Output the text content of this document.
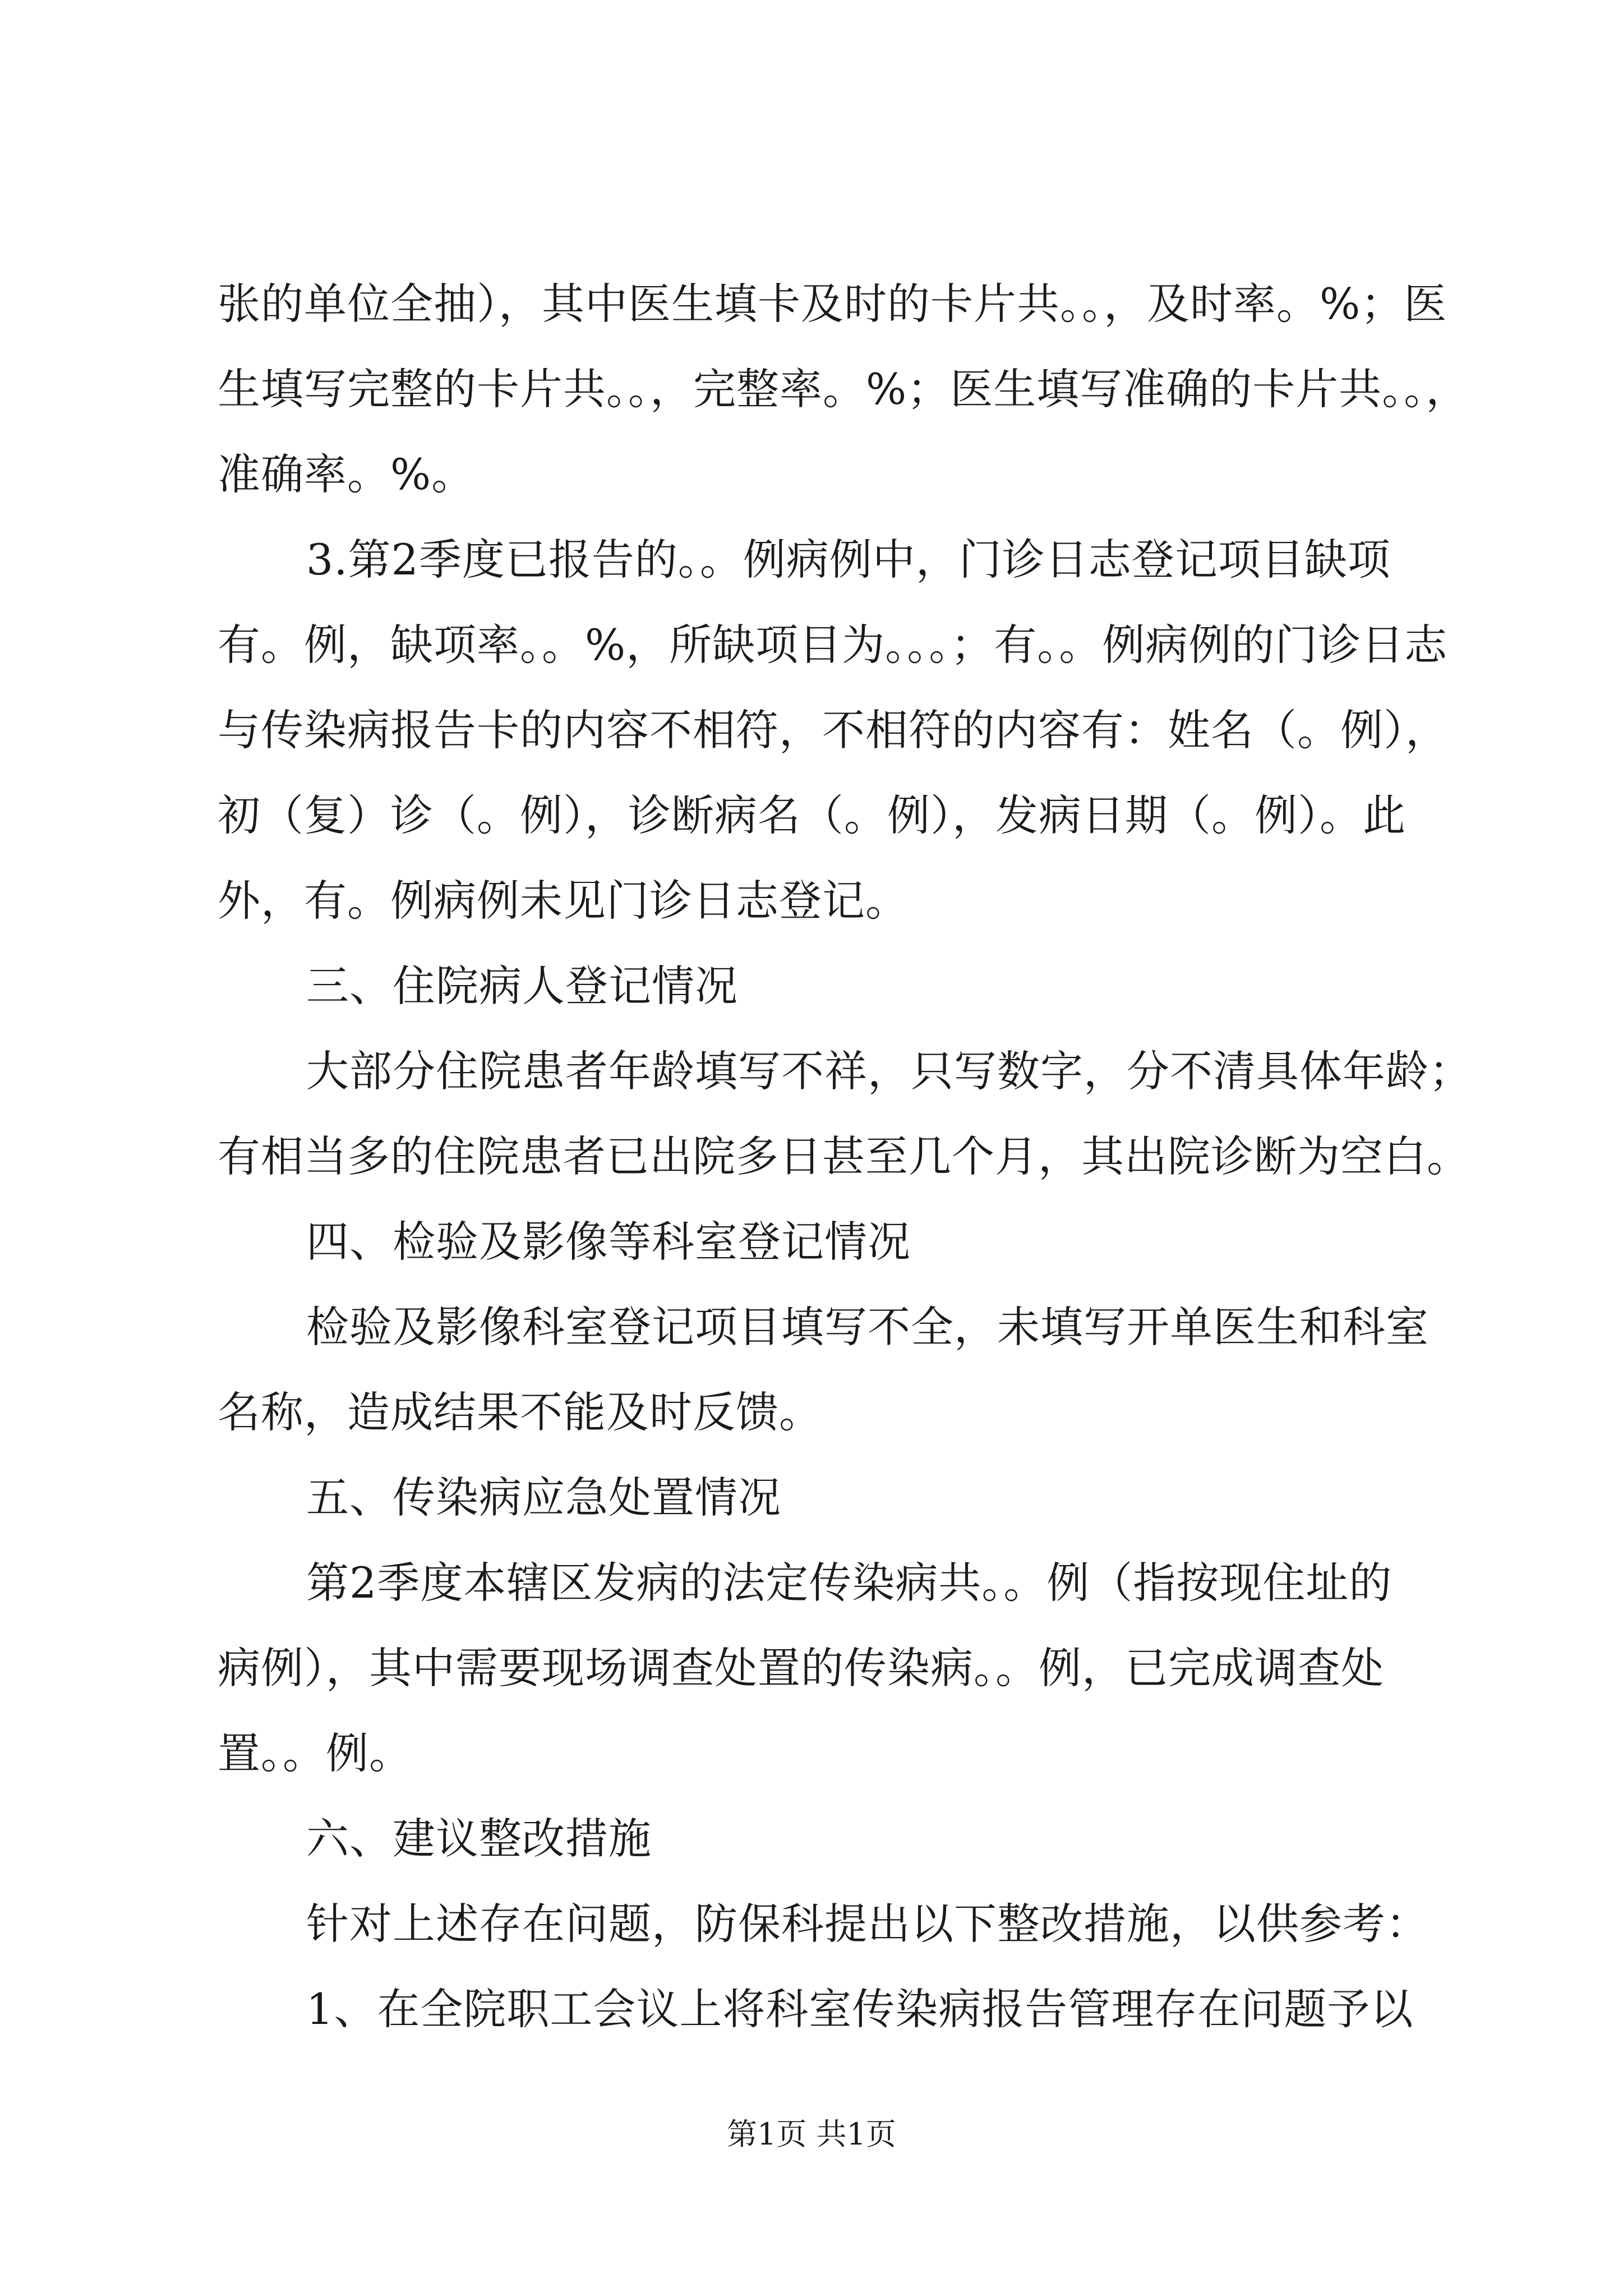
张的单位全抽），其中医生填卡及时的卡片共。。，及时率。%；医
生填写完整的卡片共。。，完整率。%；医生填写准确的卡片共。。，
准确率。%。
3.第2季度已报告的。。例病例中，门诊日志登记项目缺项
有。例，缺项率。。%，所缺项目为。。。；有。。例病例的门诊日志
与传染病报告卡的内容不相符，不相符的内容有：姓名（。例），
初（复）诊（。例），诊断病名（。例），发病日期（。例）。此
外，有。例病例未见门诊日志登记。
三、住院病人登记情况
大部分住院患者年龄填写不祥，只写数字，分不清具体年龄；
有相当多的住院患者已出院多日甚至几个月，其出院诊断为空白。
四、检验及影像等科室登记情况
检验及影像科室登记项目填写不全，未填写开单医生和科室
名称，造成结果不能及时反馈。
五、传染病应急处置情况
第2季度本辖区发病的法定传染病共。。例（指按现住址的
病例），其中需要现场调查处置的传染病。。例，已完成调查处
置。。例。
六、建议整改措施
针对上述存在问题，防保科提出以下整改措施，以供参考：
1、在全院职工会议上将科室传染病报告管理存在问题予以
第1页 共1页
